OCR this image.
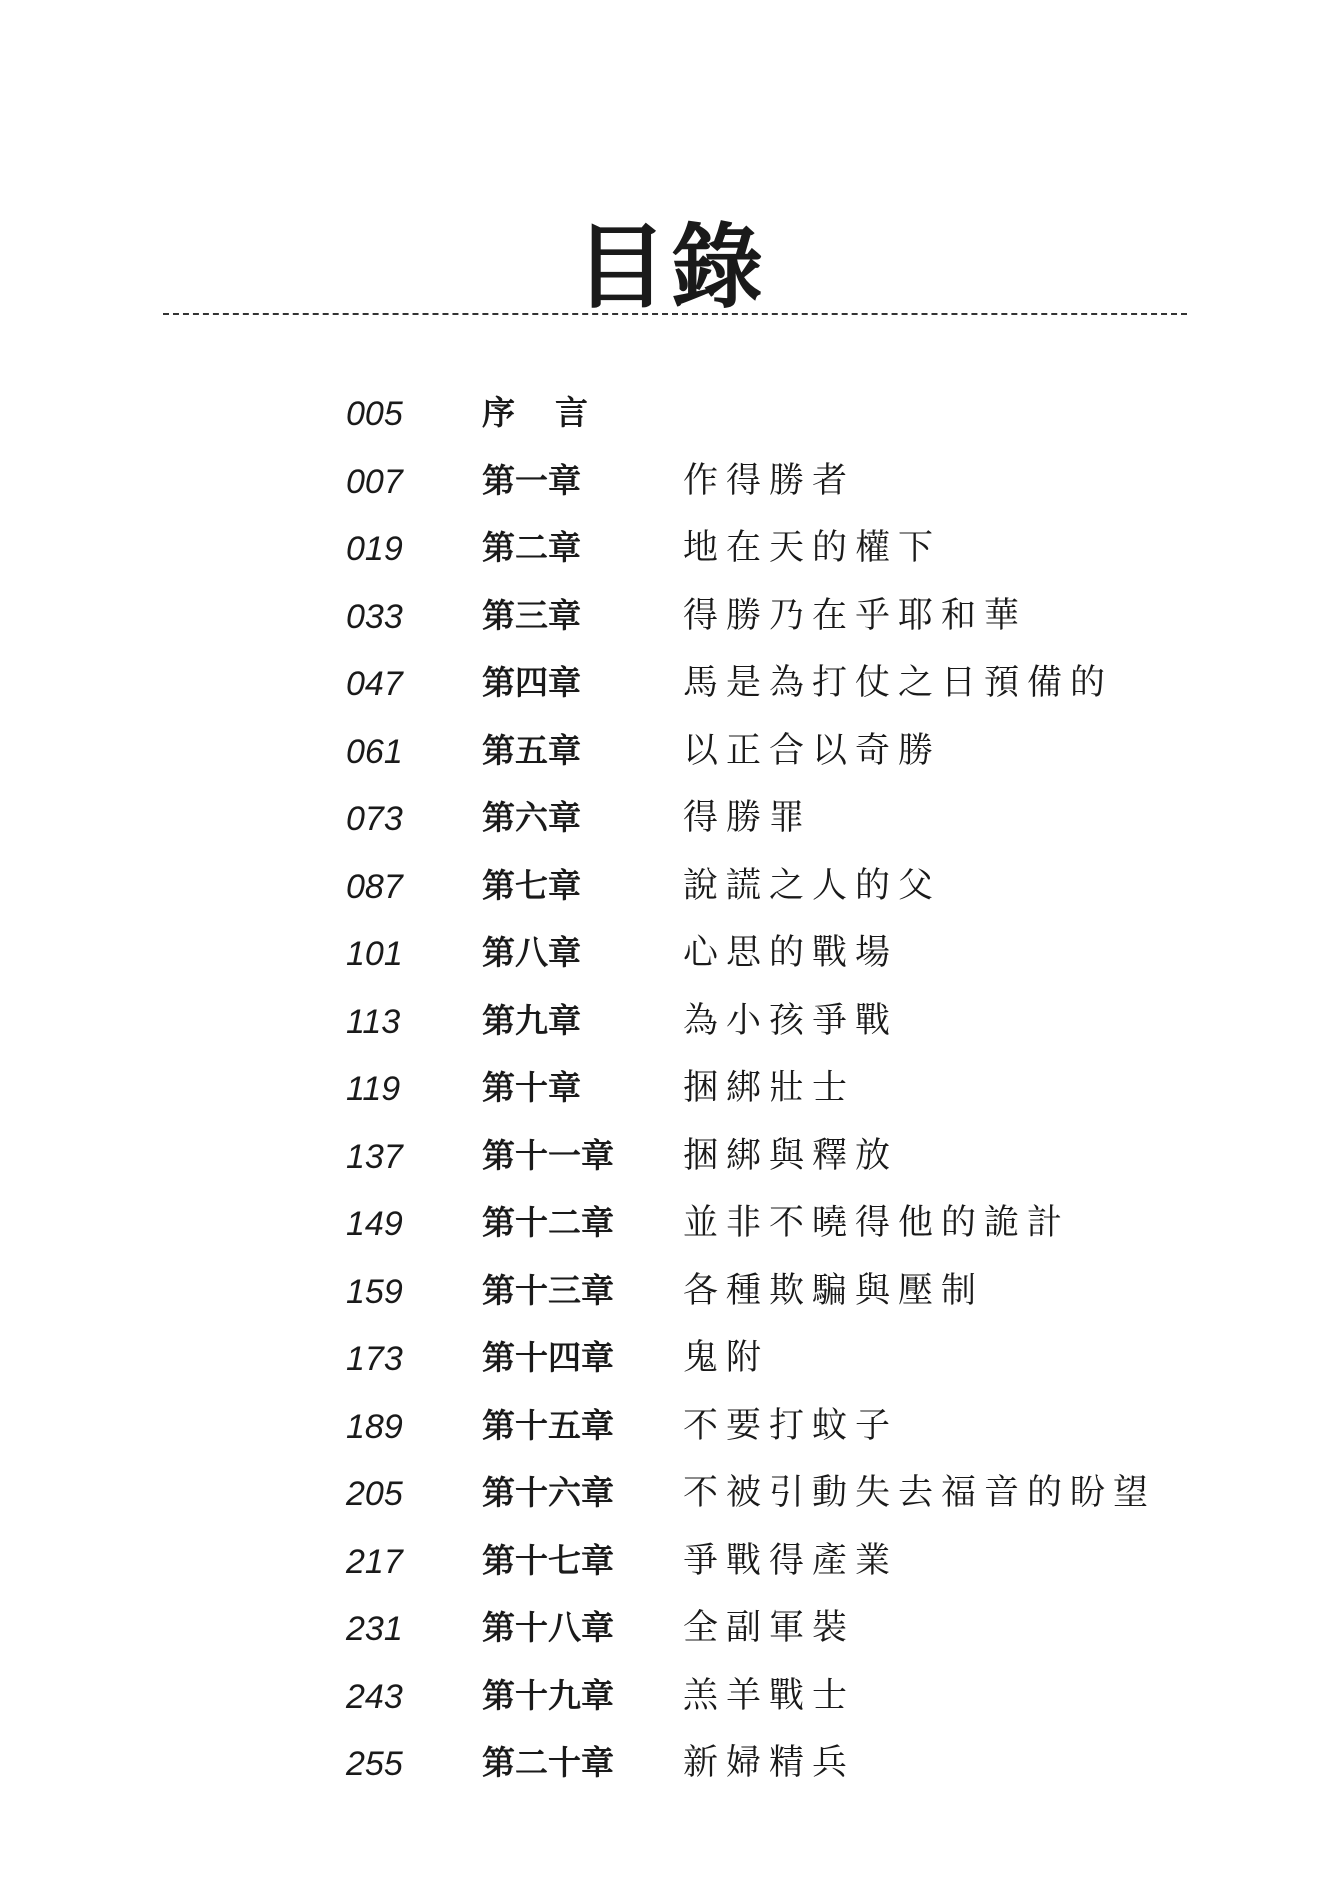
目錄
005 序言
007 第一章	作得勝者
019 第二章	地在天的權下
033 第三章	得勝乃在乎耶和華
047 第四章	馬是為打仗之日預備的
061 第五章	以正合以奇勝
073 第六章	得勝罪
087 第七章	說謊之人的父
101 第八章	心思的戰場
113 第九章	為小孩爭戰
119 第十章	捆綁壯士
137 第十一章 捆綁與釋放
149 第十二章 並非不曉得他的詭計
159 第十三章 各種欺騙與壓制
173 第十四章 鬼附
189 第十五章 不要打蚊子
205 第十六章 不被引動失去福音的盼望
217 第十七章 爭戰得產業
231 第十八章 全副軍裝
243 第十九章 羔羊戰士
255 第二十章 新婦精兵
